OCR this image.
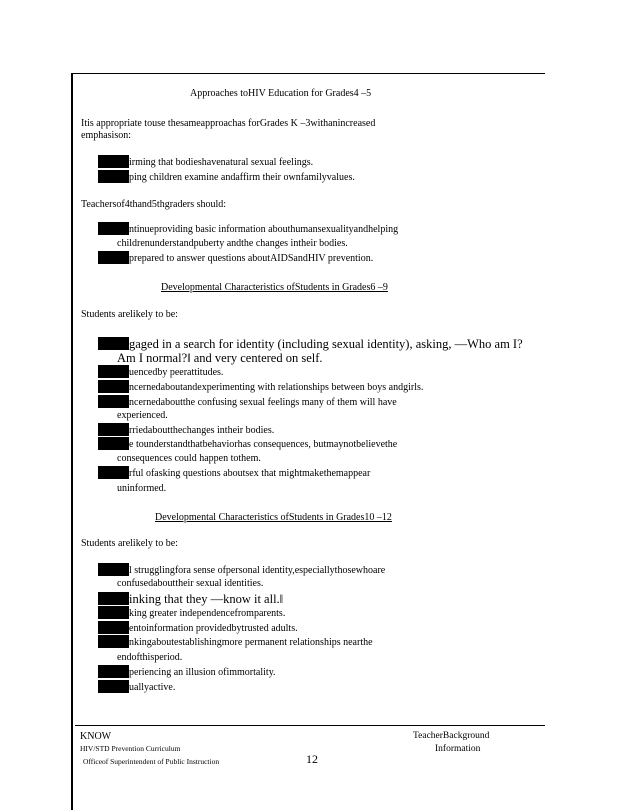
Approaches toHIV Education for Grades4 –5
Itis appropriate touse thesameapproachas forGrades K –3withanincreased
emphasison:
irming that bodieshavenatural sexual feelings.
ping children examine andaffirm their ownfamilyvalues.
Teachersof4thand5thgraders should:
ntinueproviding basic information abouthumansexualityandhelping
childrenunderstandpuberty andthe changes intheir bodies.
prepared to answer questions aboutAIDSandHIV prevention.
Developmental Characteristics ofStudents in Grades6 –9
Students arelikely to be:
gaged in a search for identity (including sexual identity), asking, —Who am I?
Am I normal?‖ and very centered on self.
uencedby peerattitudes.
ncernedaboutandexperimenting with relationships between boys andgirls.
ncernedaboutthe confusing sexual feelings many of them will have
experienced.
rriedaboutthechanges intheir bodies.
e tounderstandthatbehaviorhas consequences, butmaynotbelievethe
consequences could happen tothem.
rful ofasking questions aboutsex that mightmakethemappear
uninformed.
Developmental Characteristics ofStudents in Grades10 –12
Students arelikely to be:
l strugglingfora sense ofpersonal identity,especiallythosewhoare
confusedabouttheir sexual identities.
inking that they —know it all.‖
king greater independencefromparents.
entoinformation providedbytrusted adults.
nkingaboutestablishingmore permanent relationships nearthe
endofthisperiod.
periencing an illusion ofimmortality.
uallyactive.
KNOW
HIV/STD Prevention Curriculum
Officeof Superintendent of Public Instruction	12
TeacherBackground
Information
